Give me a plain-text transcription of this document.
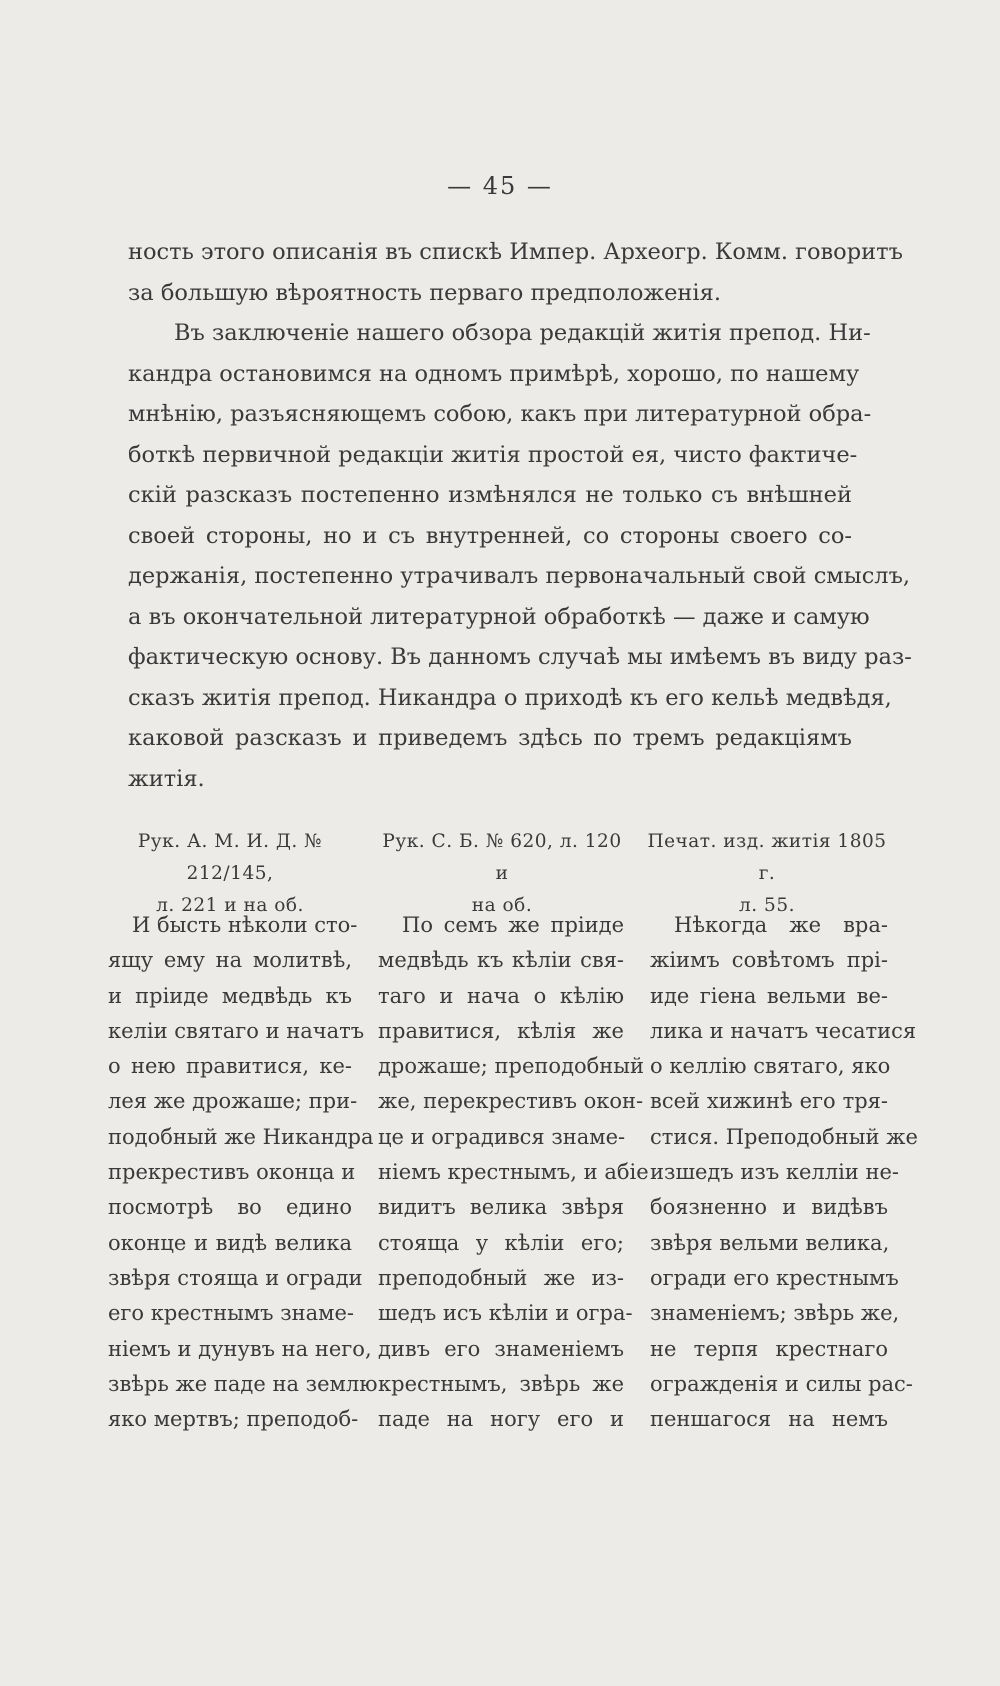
— 45 —
ность этого описанія въ спискѣ Импер. Археогр. Комм. говоритъ
за большую вѣроятность перваго предположенія.
Въ заключеніе нашего обзора редакцій житія препод. Ни-
кандра остановимся на одномъ примѣрѣ, хорошо, по нашему
мнѣнію, разъясняющемъ собою, какъ при литературной обра-
боткѣ первичной редакціи житія простой ея, чисто фактиче-
скій разсказъ постепенно измѣнялся не только съ внѣшней
своей стороны, но и съ внутренней, со стороны своего со-
держанія, постепенно утрачивалъ первоначальный свой смыслъ,
а въ окончательной литературной обработкѣ — даже и самую
фактическую основу. Въ данномъ случаѣ мы имѣемъ въ виду раз-
сказъ житія препод. Никандра о приходѣ къ его кельѣ медвѣдя,
каковой разсказъ и приведемъ здѣсь по тремъ редакціямъ
житія.
Рук. А. М. И. Д. № 212/145,
л. 221 и на об.
Рук. С. Б. № 620, л. 120 и
на об.
Печат. изд. житія 1805 г.
л. 55.
И бысть нѣколи сто-
ящу ему на молитвѣ,
и пріиде медвѣдь къ
келіи святаго и начатъ
о нею правитися, ке-
лея же дрожаше; при-
подобный же Никандра
прекрестивъ оконца и
посмотрѣ во едино
оконце и видѣ велика
звѣря стояща и огради
его крестнымъ знаме-
ніемъ и дунувъ на него,
звѣрь же паде на землю
яко мертвъ; преподоб-
По семъ же пріиде
медвѣдь къ кѣліи свя-
таго и нача о кѣлію
правитися, кѣлія же
дрожаше; преподобный
же, перекрестивъ окон-
це и оградився знаме-
ніемъ крестнымъ, и абіе
видитъ велика звѣря
стояща у кѣліи его;
преподобный же из-
шедъ исъ кѣліи и огра-
дивъ его знаменіемъ
крестнымъ, звѣрь же
паде на ногу его и
Нѣкогда же вра-
жіимъ совѣтомъ прі-
иде гіена вельми ве-
лика и начатъ чесатися
о келлію святаго, яко
всей хижинѣ его тря-
стися. Преподобный же
изшедъ изъ келліи не-
боязненно и видѣвъ
звѣря вельми велика,
огради его крестнымъ
знаменіемъ; звѣрь же,
не терпя крестнаго
огражденія и силы рас-
пеншагося на немъ
